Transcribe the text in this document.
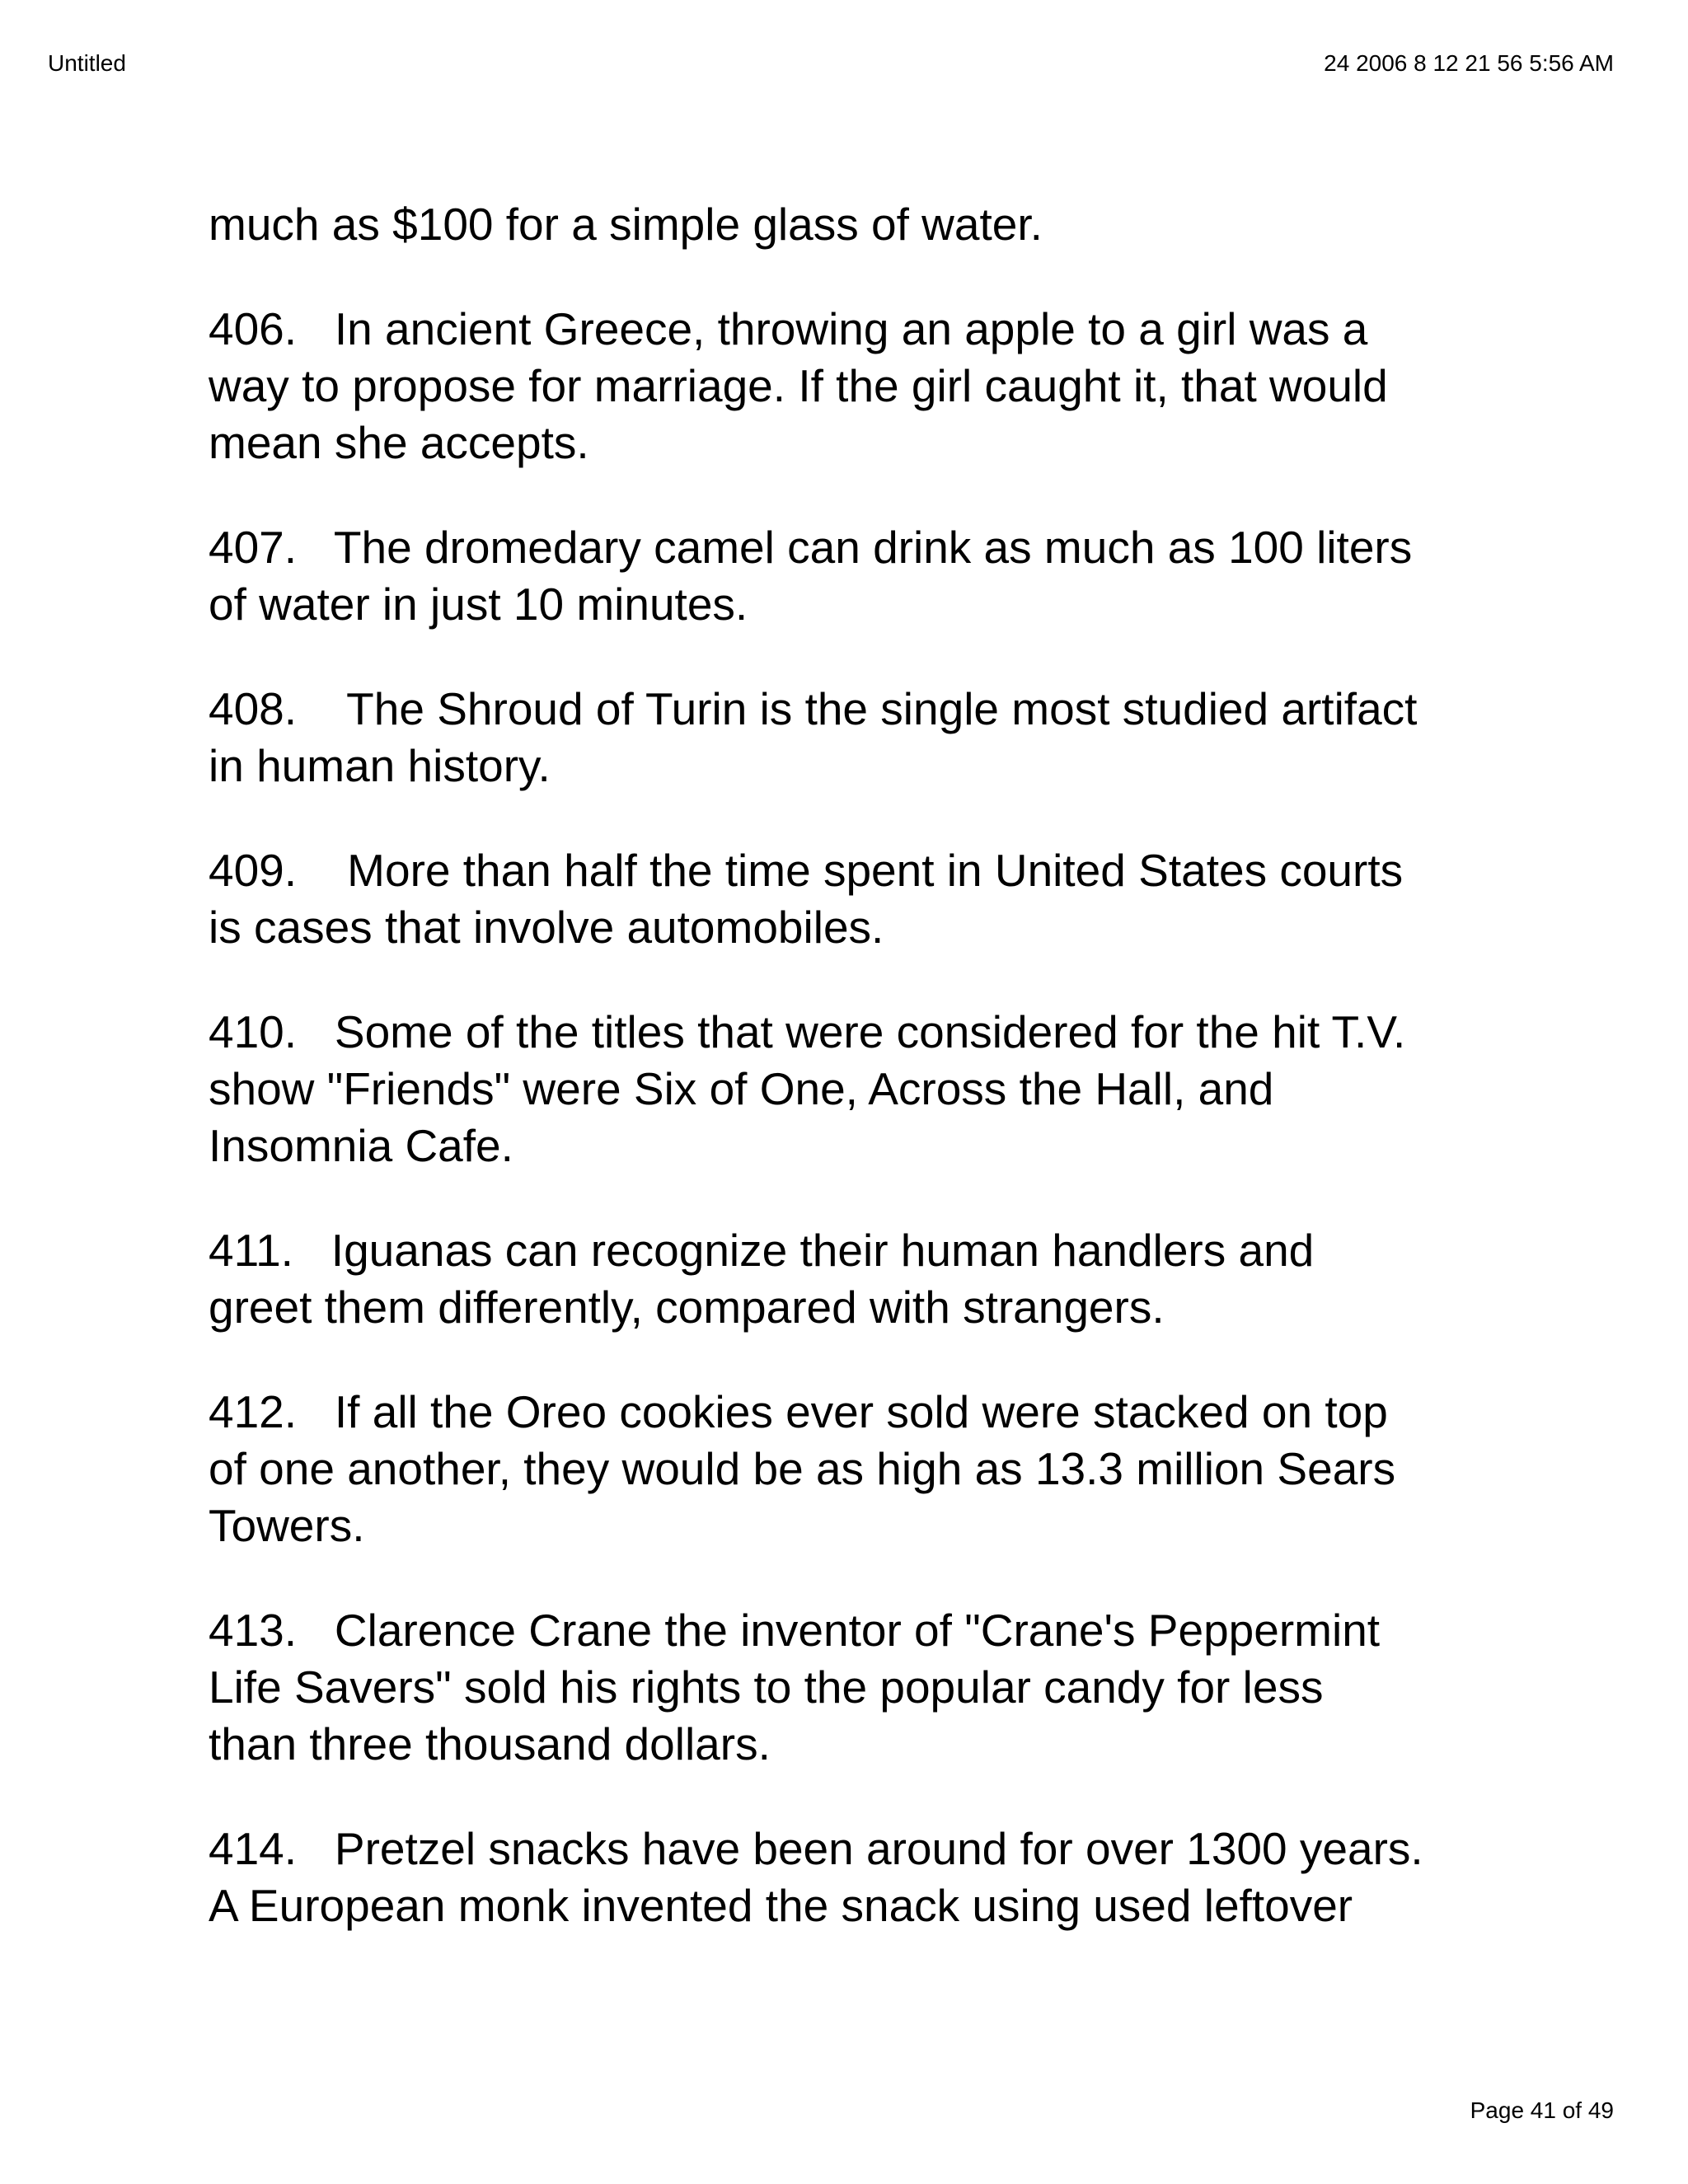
Untitled	24 2006 8 12 21 56 5:56 AM

much as $100 for a simple glass of water.

406.   In ancient Greece, throwing an apple to a girl was a
way to propose for marriage. If the girl caught it, that would
mean she accepts.

407.   The dromedary camel can drink as much as 100 liters
of water in just 10 minutes.

408.    The Shroud of Turin is the single most studied artifact
in human history.

409.    More than half the time spent in United States courts
is cases that involve automobiles.

410.   Some of the titles that were considered for the hit T.V.
show "Friends" were Six of One, Across the Hall, and
Insomnia Cafe.

411.   Iguanas can recognize their human handlers and
greet them differently, compared with strangers.

412.   If all the Oreo cookies ever sold were stacked on top
of one another, they would be as high as 13.3 million Sears
Towers.

413.   Clarence Crane the inventor of "Crane's Peppermint
Life Savers" sold his rights to the popular candy for less
than three thousand dollars.

414.   Pretzel snacks have been around for over 1300 years.
A European monk invented the snack using used leftover

Page 41 of 49
